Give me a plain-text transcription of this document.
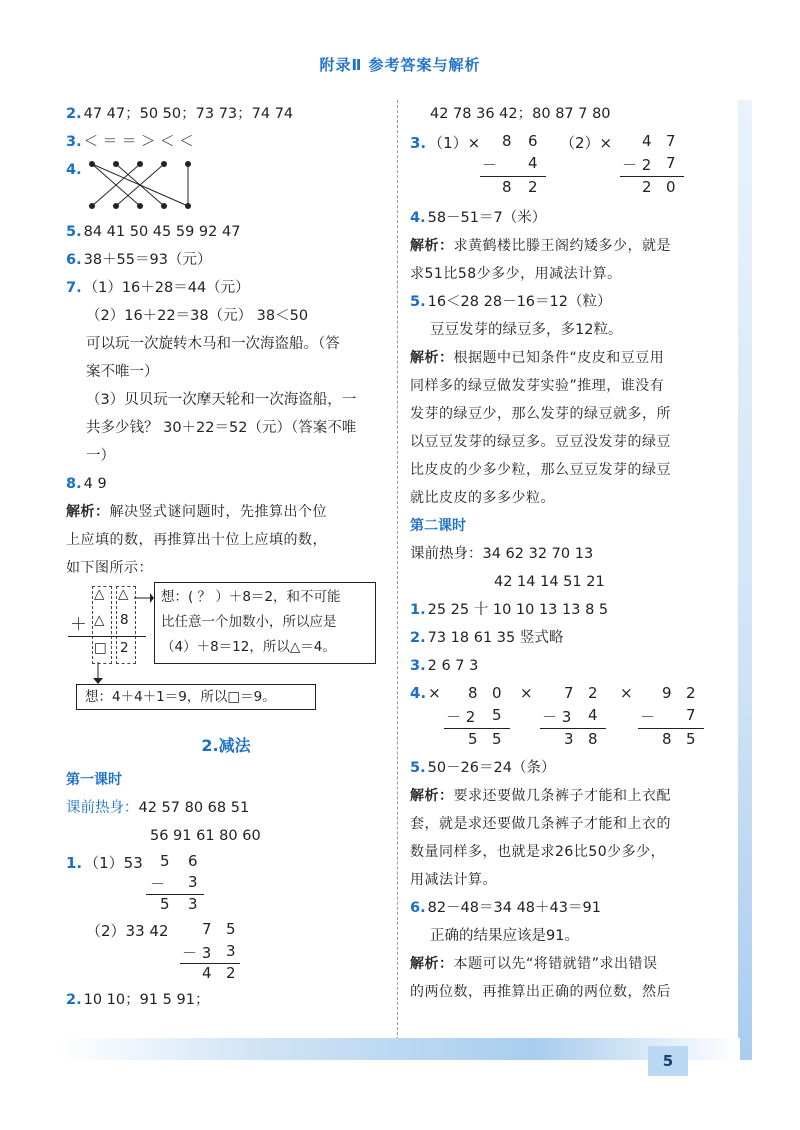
附录Ⅱ 参考答案与解析
2. 47 47；50 50；73 73；74 74
3. ＜ ＝ ＝ ＞ ＜ ＜
4.
5. 84 41 50 45 59 92 47
6. 38＋55＝93（元）
7. （1）16＋28＝44（元）
（2）16＋22＝38（元） 38＜50
可以玩一次旋转木马和一次海盗船。（答
案不唯一）
（3）贝贝玩一次摩天轮和一次海盗船，一
共多少钱？ 30＋22＝52（元）（答案不唯
一）
8. 4 9
解析：解决竖式谜问题时，先推算出个位
上应填的数，再推算出十位上应填的数，
如下图所示：
△ △
＋ △ 8
□ 2
想：( ？ ）＋8＝2，和不可能
比任意一个加数小，所以应是
（4）＋8＝12，所以△＝4。
想：4＋4＋1＝9，所以□＝9。
2.减法
第一课时
课前热身：42 57 80 68 51
56 91 61 80 60
1. （1）53 5 6
－ 3
5 3
（2）33 42 7 5
－ 3 3
4 2
2. 10 10；91 5 91；
42 78 36 42；80 87 7 80
3. （1）× 8 6
－ 4
8 2
（2）× 4 7
－ 2 7
2 0
4. 58－51＝7（米）
解析：求黄鹤楼比滕王阁约矮多少，就是
求51比58少多少，用减法计算。
5. 16＜28 28－16＝12（粒）
豆豆发芽的绿豆多，多12粒。
解析：根据题中已知条件“皮皮和豆豆用
同样多的绿豆做发芽实验”推理，谁没有
发芽的绿豆少，那么发芽的绿豆就多，所
以豆豆发芽的绿豆多。豆豆没发芽的绿豆
比皮皮的少多少粒，那么豆豆发芽的绿豆
就比皮皮的多多少粒。
第二课时
课前热身：34 62 32 70 13
42 14 14 51 21
1. 25 25 十 10 10 13 13 8 5
2. 73 18 61 35 竖式略
3. 2 6 7 3
4. × 8 0
－ 2 5
5 5
× 7 2
－ 3 4
3 8
× 9 2
－ 7
8 5
5. 50－26＝24（条）
解析：要求还要做几条裤子才能和上衣配
套，就是求还要做几条裤子才能和上衣的
数量同样多，也就是求26比50少多少，
用减法计算。
6. 82－48＝34 48＋43＝91
正确的结果应该是91。
解析：本题可以先“将错就错”求出错误
的两位数，再推算出正确的两位数，然后
5
